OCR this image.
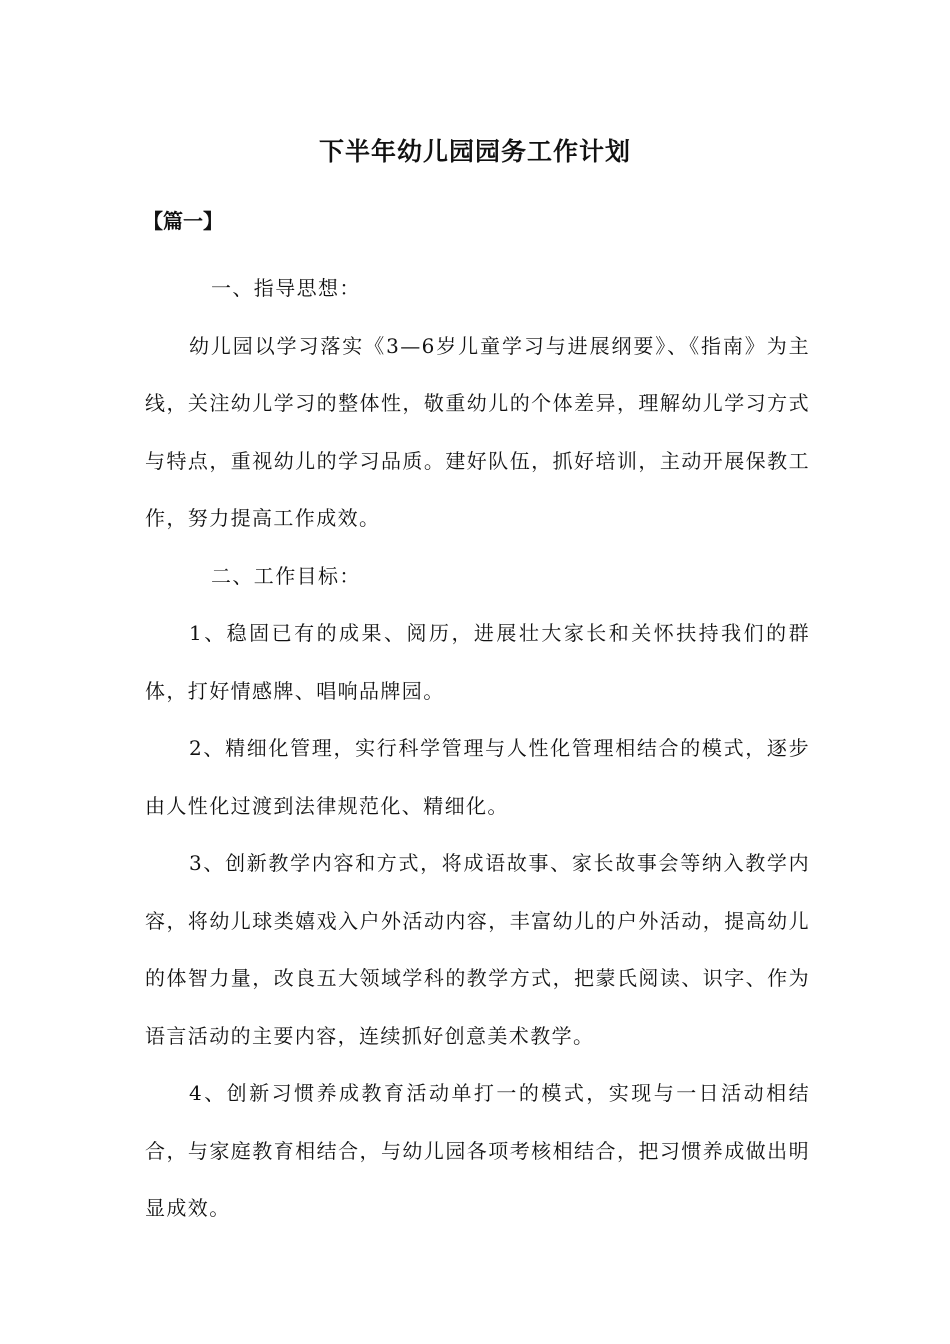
下半年幼儿园园务工作计划
【篇一】

一、指导思想：

幼儿园以学习落实《3—6岁儿童学习与进展纲要》、《指南》为主线，关注幼儿学习的整体性，敬重幼儿的个体差异，理解幼儿学习方式与特点，重视幼儿的学习品质。建好队伍，抓好培训，主动开展保教工作，努力提高工作成效。

二、工作目标：

1、稳固已有的成果、阅历，进展壮大家长和关怀扶持我们的群体，打好情感牌、唱响品牌园。

2、精细化管理，实行科学管理与人性化管理相结合的模式，逐步由人性化过渡到法律规范化、精细化。

3、创新教学内容和方式，将成语故事、家长故事会等纳入教学内容，将幼儿球类嬉戏入户外活动内容，丰富幼儿的户外活动，提高幼儿的体智力量，改良五大领域学科的教学方式，把蒙氏阅读、识字、作为语言活动的主要内容，连续抓好创意美术教学。

4、创新习惯养成教育活动单打一的模式，实现与一日活动相结合，与家庭教育相结合，与幼儿园各项考核相结合，把习惯养成做出明显成效。
